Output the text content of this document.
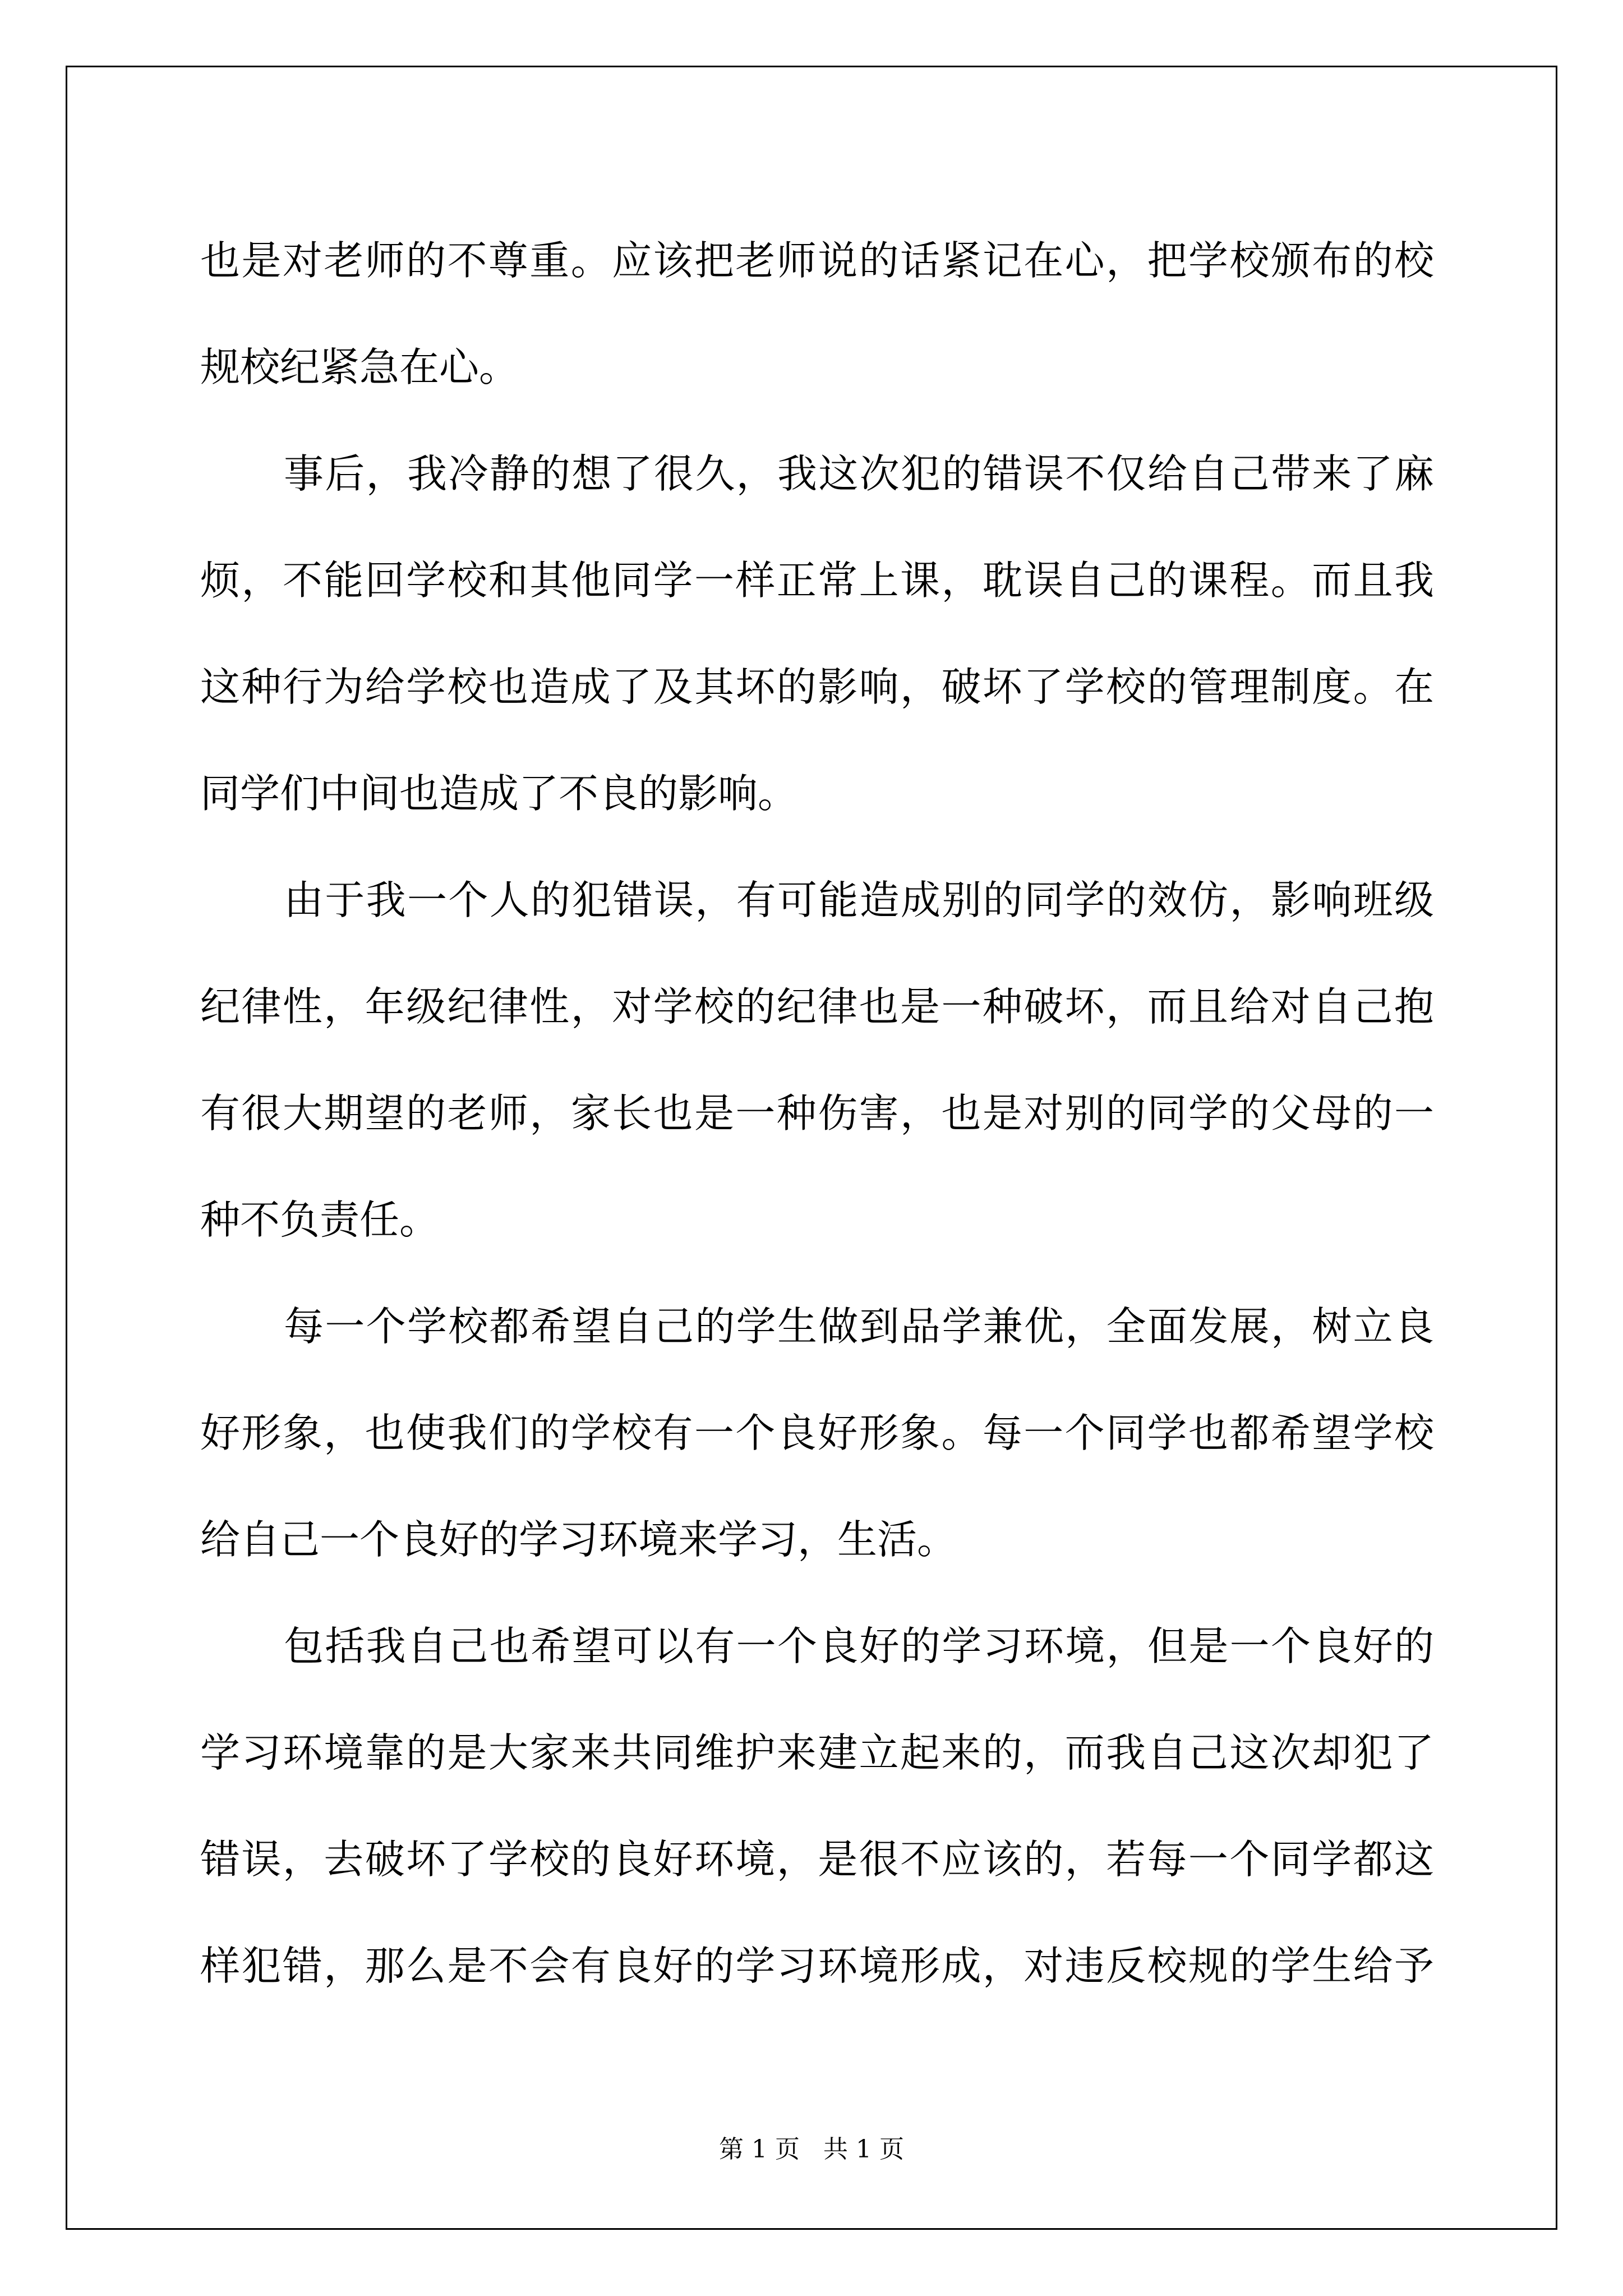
也是对老师的不尊重。应该把老师说的话紧记在心，把学校颁布的校
规校纪紧急在心。
事后，我冷静的想了很久，我这次犯的错误不仅给自己带来了麻
烦，不能回学校和其他同学一样正常上课，耽误自己的课程。而且我
这种行为给学校也造成了及其坏的影响，破坏了学校的管理制度。在
同学们中间也造成了不良的影响。
由于我一个人的犯错误，有可能造成别的同学的效仿，影响班级
纪律性，年级纪律性，对学校的纪律也是一种破坏，而且给对自己抱
有很大期望的老师，家长也是一种伤害，也是对别的同学的父母的一
种不负责任。
每一个学校都希望自己的学生做到品学兼优，全面发展，树立良
好形象，也使我们的学校有一个良好形象。每一个同学也都希望学校
给自己一个良好的学习环境来学习，生活。
包括我自己也希望可以有一个良好的学习环境，但是一个良好的
学习环境靠的是大家来共同维护来建立起来的，而我自己这次却犯了
错误，去破坏了学校的良好环境，是很不应该的，若每一个同学都这
样犯错，那么是不会有良好的学习环境形成，对违反校规的学生给予
第 1 页   共 1 页
